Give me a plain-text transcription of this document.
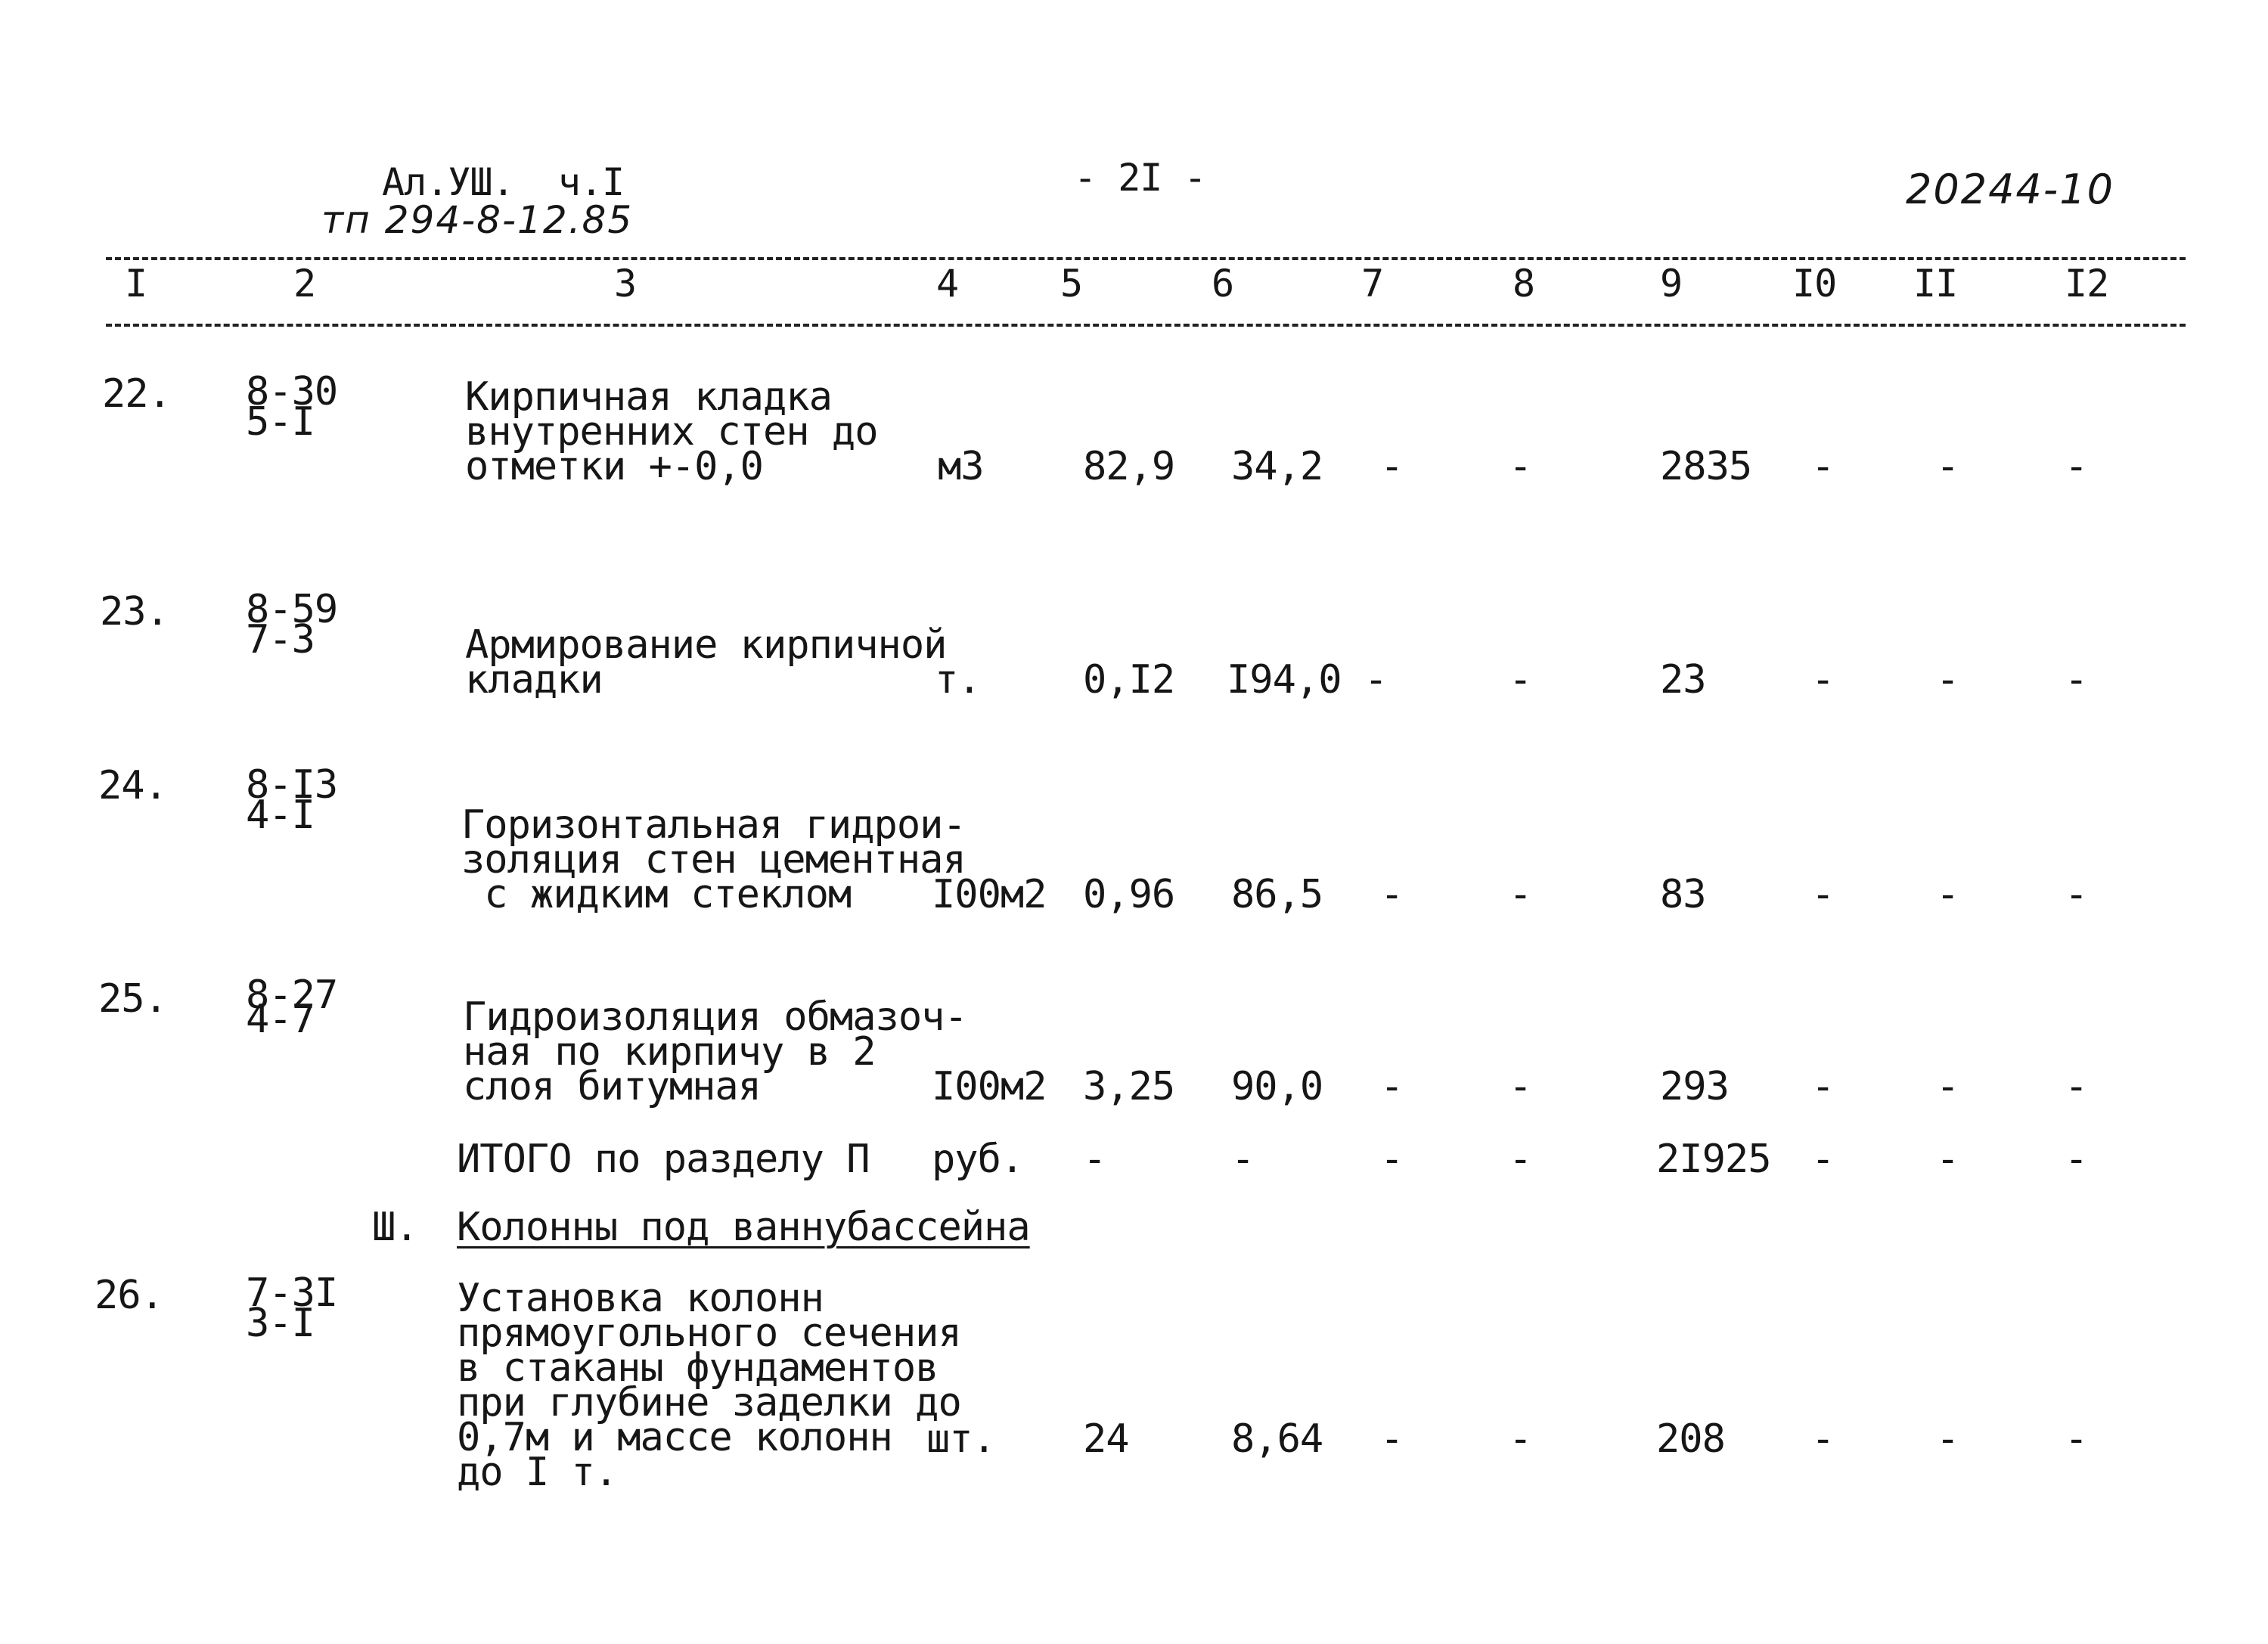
Ал.УШ.  ч.I
тп 294-8-12.85
- 2I -	20244-10
I	2	3	4	5	6	7	8	9	I0 II	I2
22. 8-30
5-I
Кирпичная кладка
внутренних стен до
отметки +-0,0	м3	82,9 34,2 -	-	2835 -	-	-
23. 8-59
7-3	Армирование кирпичной
кладки	т.	0,I2 I94,0 -	-	23	-	-	-
24. 8-I3
4-I	Горизонтальная гидрои-
золяция стен цементная
с жидким стеклом	I00м2 0,96 86,5 -	-	83	-	-	-
25. 8-27
4-7	Гидроизоляция обмазоч-
ная по кирпичу в 2
слоя битумная	I00м2 3,25 90,0 -	-	293 -	-	-
ИТОГО по разделу П руб. -	-	-	-	2I925 -	-	-
Ш. Колонны под ваннубассейна
26. 7-3I
3-I
Установка колонн
прямоугольного сечения
в стаканы фундаментов
при глубине заделки до
0,7м и массе колонн
до I т.
шт. 24	8,64 -	-	208 -	-	-
